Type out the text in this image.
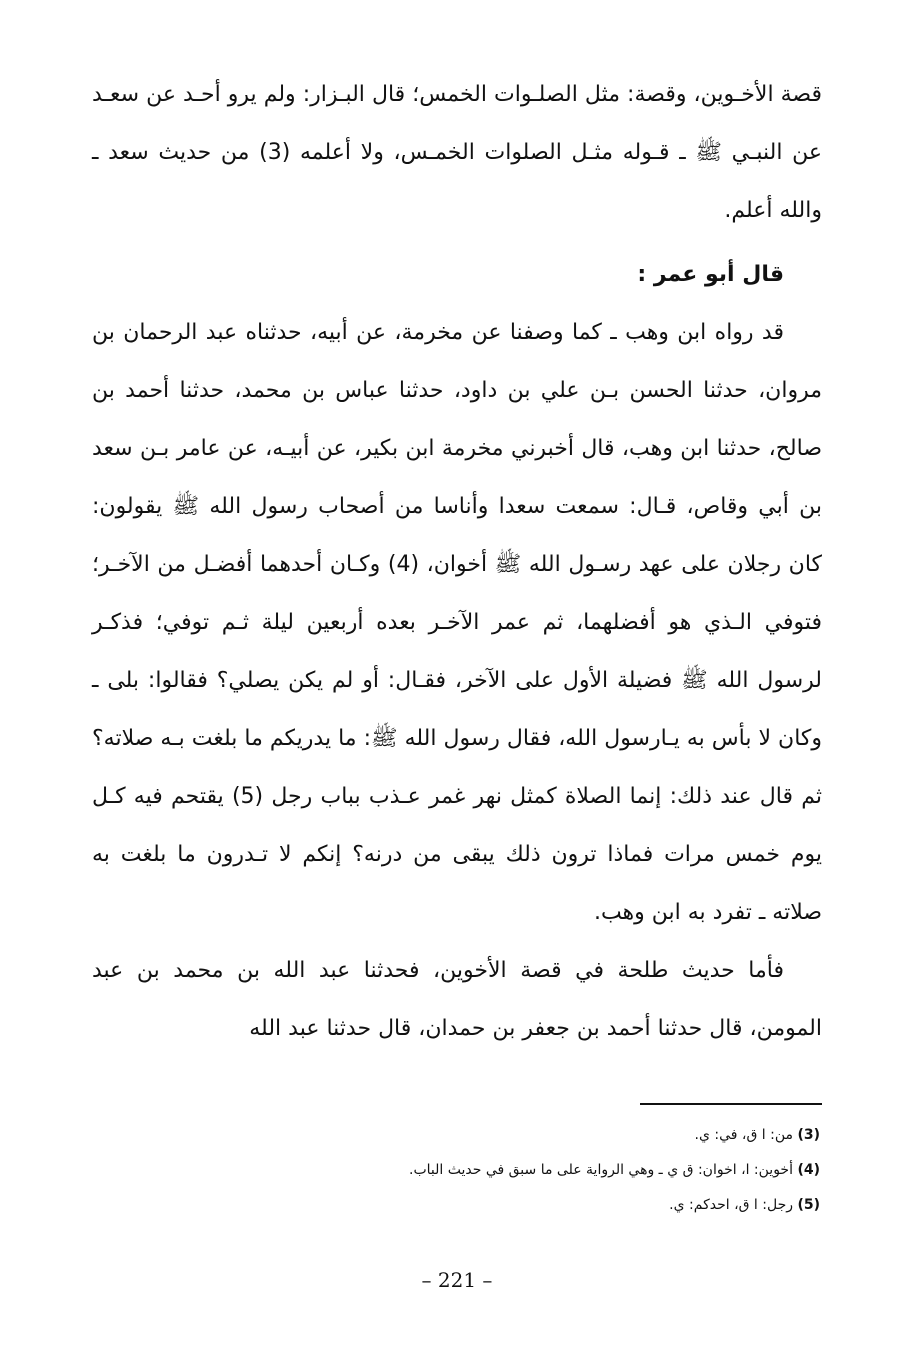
قصة الأخـوين، وقصة: مثل الصلـوات الخمس؛ قال البـزار: ولم يرو أحـد عن سعـد عن النبـي ﷺ ـ قـوله مثـل الصلوات الخمـس، ولا أعلمه (3) من حديث سعد ـ والله أعلم.

قال أبو عمر :

قد رواه ابن وهب ـ كما وصفنا عن مخرمة، عن أبيه، حدثناه عبد الرحمان بن مروان، حدثنا الحسن بـن علي بن داود، حدثنا عباس بن محمد، حدثنا أحمد بن صالح، حدثنا ابن وهب، قال أخبرني مخرمة ابن بكير، عن أبيـه، عن عامر بـن سعد بن أبي وقاص، قـال: سمعت سعدا وأناسا من أصحاب رسول الله ﷺ يقولون: كان رجلان على عهد رسـول الله ﷺ أخوان، (4) وكـان أحدهما أفضـل من الآخـر؛ فتوفي الـذي هو أفضلهما، ثم عمر الآخـر بعده أربعين ليلة ثـم توفي؛ فذكـر لرسول الله ﷺ فضيلة الأول على الآخر، فقـال: أو لم يكن يصلي؟ فقالوا: بلى ـ وكان لا بأس به يـارسول الله، فقال رسول الله ﷺ: ما يدريكم ما بلغت بـه صلاته؟ ثم قال عند ذلك: إنما الصلاة كمثل نهر غمر عـذب بباب رجل (5) يقتحم فيه كـل يوم خمس مرات فماذا ترون ذلك يبقى من درنه؟ إنكم لا تـدرون ما بلغت به صلاته ـ تفرد به ابن وهب.

فأما حديث طلحة في قصة الأخوين، فحدثنا عبد الله بن محمد بن عبد المومن، قال حدثنا أحمد بن جعفر بن حمدان، قال حدثنا عبد الله

(3) من: ا ق، في: ي.

(4) أخوين: ا، اخوان: ق ي ـ وهي الرواية على ما سبق في حديث الباب.

(5) رجل: ا ق، احدكم: ي.

– 221 –
